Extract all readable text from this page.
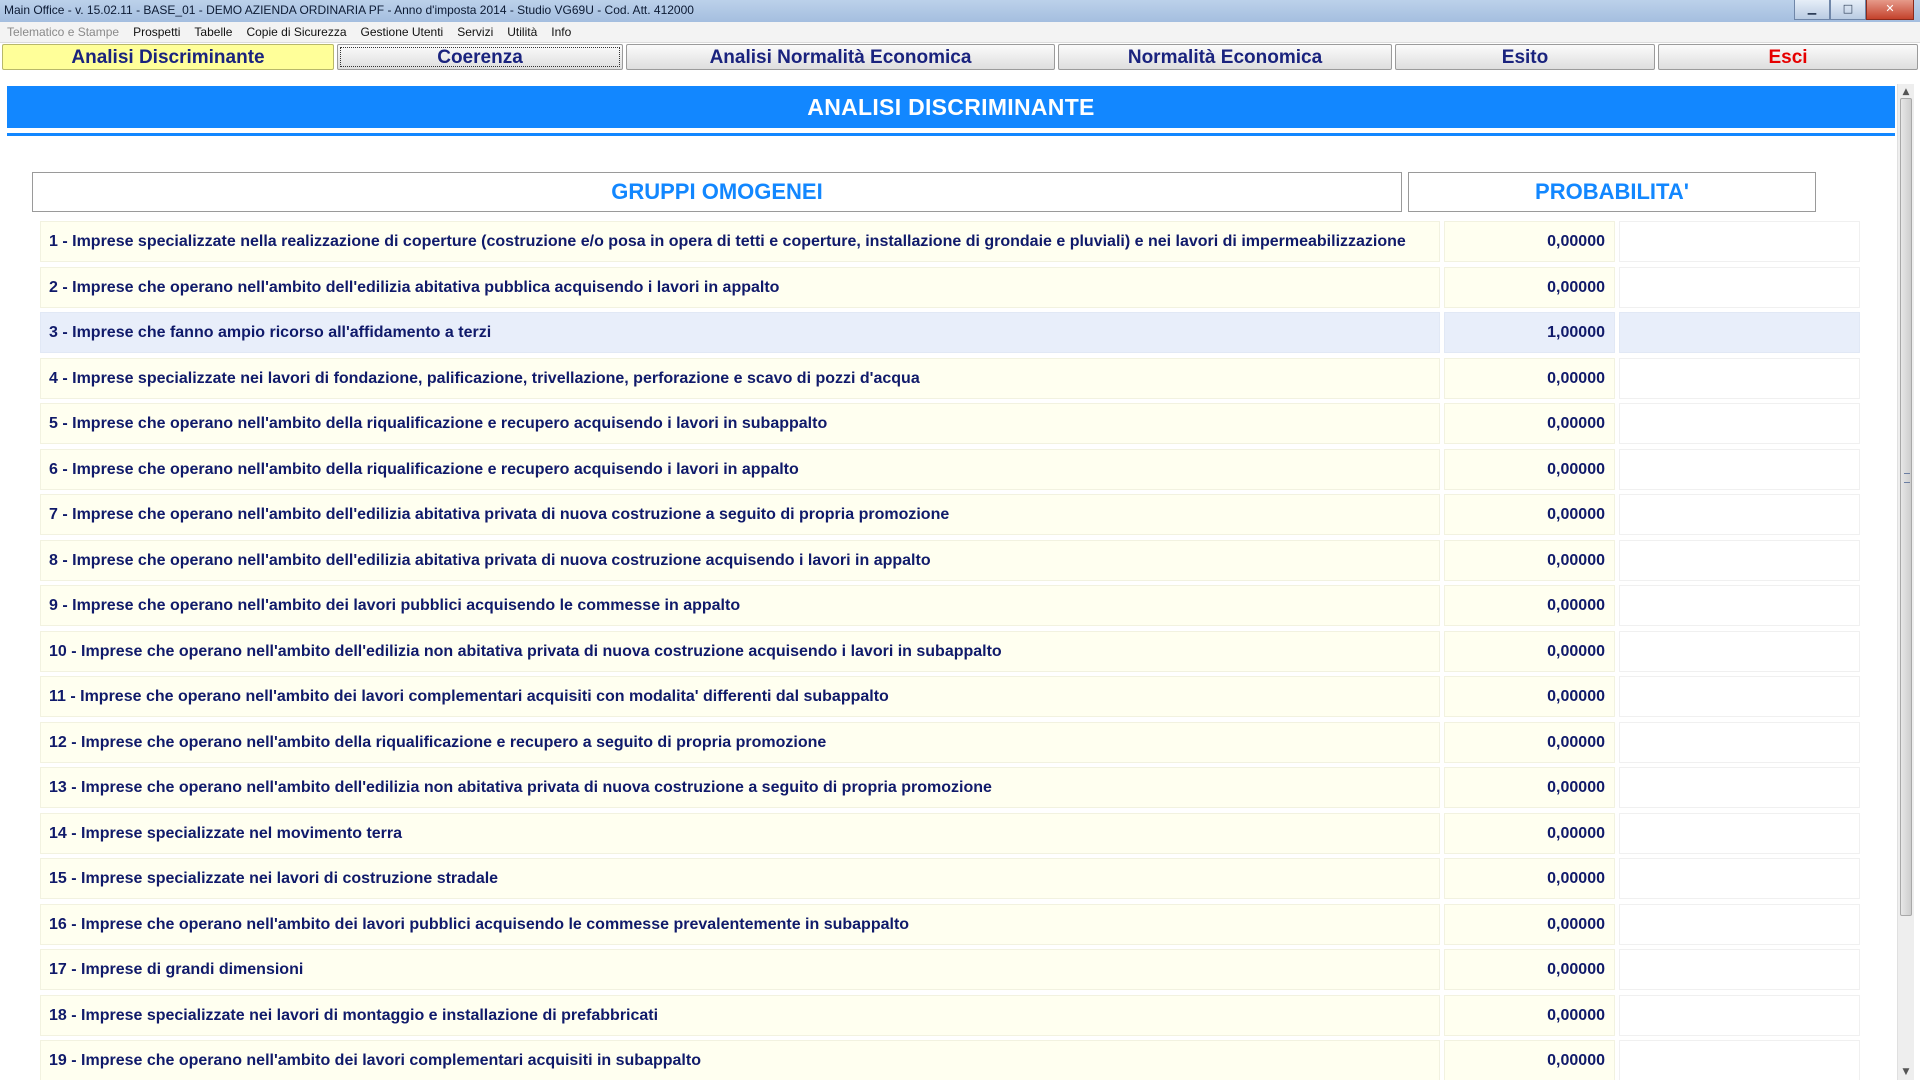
Main Office - v. 15.02.11 - BASE_01 - DEMO AZIENDA ORDINARIA PF - Anno d'imposta 2014 - Studio VG69U - Cod. Att. 412000	▁	□	✕
Telematico e Stampe	Prospetti	Tabelle	Copie di Sicurezza	Gestione Utenti	Servizi	Utilità	Info
Analisi Discriminante	Coerenza	Analisi Normalità Economica	Normalità Economica	Esito	Esci
ANALISI DISCRIMINANTE
GRUPPI OMOGENEI	PROBABILITA'
1 - Imprese specializzate nella realizzazione di coperture (costruzione e/o posa in opera di tetti e coperture, installazione di grondaie e pluviali) e nei lavori di impermeabilizzazione	0,00000
2 - Imprese che operano nell'ambito dell'edilizia abitativa pubblica acquisendo i lavori in appalto	0,00000
3 - Imprese che fanno ampio ricorso all'affidamento a terzi	1,00000
4 - Imprese specializzate nei lavori di fondazione, palificazione, trivellazione, perforazione e scavo di pozzi d'acqua	0,00000
5 - Imprese che operano nell'ambito della riqualificazione e recupero acquisendo i lavori in subappalto	0,00000
6 - Imprese che operano nell'ambito della riqualificazione e recupero acquisendo i lavori in appalto	0,00000
7 - Imprese che operano nell'ambito dell'edilizia abitativa privata di nuova costruzione a seguito di propria promozione	0,00000
8 - Imprese che operano nell'ambito dell'edilizia abitativa privata di nuova costruzione acquisendo i lavori in appalto	0,00000
9 - Imprese che operano nell'ambito dei lavori pubblici acquisendo le commesse in appalto	0,00000
10 - Imprese che operano nell'ambito dell'edilizia non abitativa privata di nuova costruzione acquisendo i lavori in subappalto	0,00000
11 - Imprese che operano nell'ambito dei lavori complementari acquisiti con modalita' differenti dal subappalto	0,00000
12 - Imprese che operano nell'ambito della riqualificazione e recupero a seguito di propria promozione	0,00000
13 - Imprese che operano nell'ambito dell'edilizia non abitativa privata di nuova costruzione a seguito di propria promozione	0,00000
14 - Imprese specializzate nel movimento terra	0,00000
15 - Imprese specializzate nei lavori di costruzione stradale	0,00000
16 - Imprese che operano nell'ambito dei lavori pubblici acquisendo le commesse prevalentemente in subappalto	0,00000
17 - Imprese di grandi dimensioni	0,00000
18 - Imprese specializzate nei lavori di montaggio e installazione di prefabbricati	0,00000
19 - Imprese che operano nell'ambito dei lavori complementari acquisiti in subappalto	0,00000
▲
▼
